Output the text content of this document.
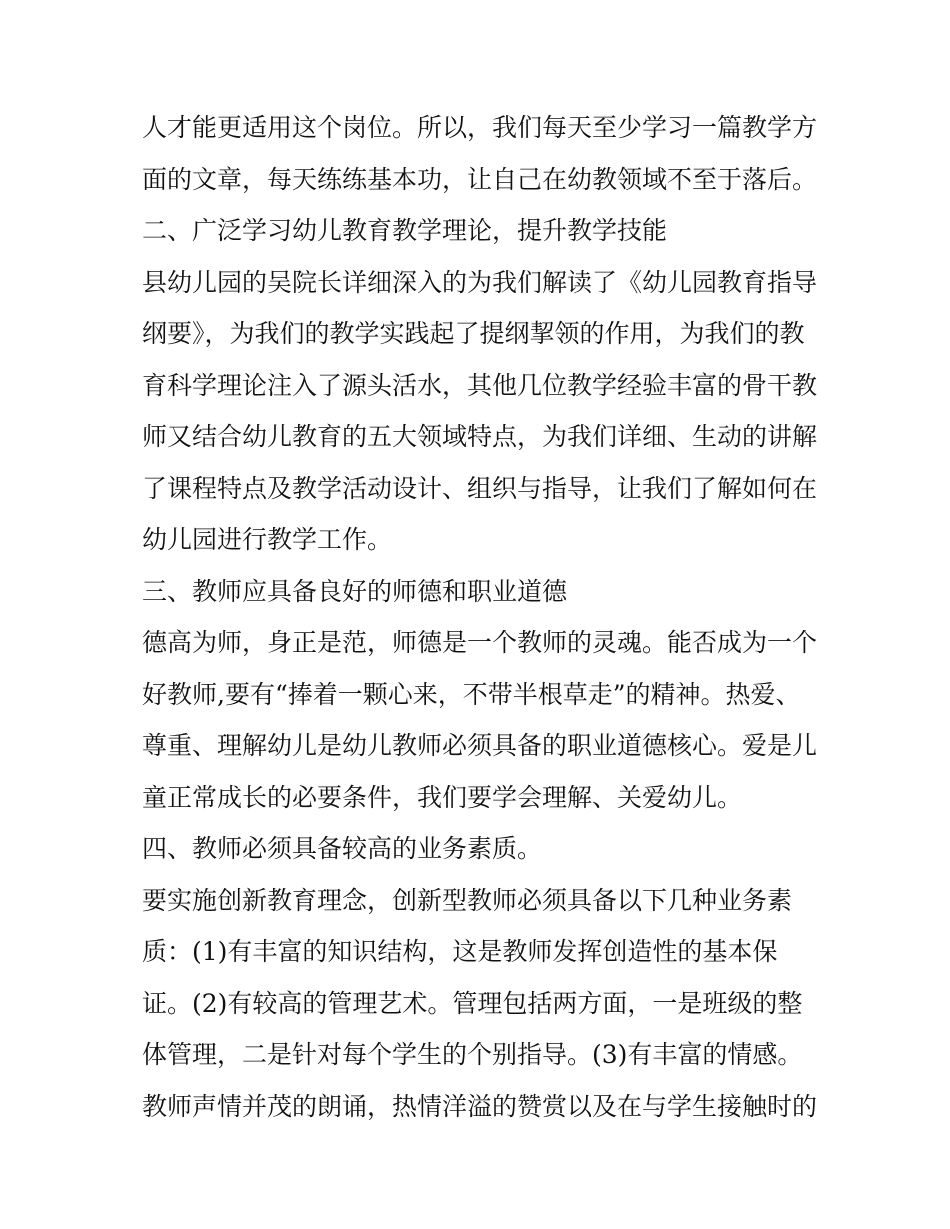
人才能更适用这个岗位。所以，我们每天至少学习一篇教学方
面的文章，每天练练基本功，让自己在幼教领域不至于落后。
二、广泛学习幼儿教育教学理论，提升教学技能
县幼儿园的吴院长详细深入的为我们解读了《幼儿园教育指导
纲要》，为我们的教学实践起了提纲挈领的作用，为我们的教
育科学理论注入了源头活水，其他几位教学经验丰富的骨干教
师又结合幼儿教育的五大领域特点，为我们详细、生动的讲解
了课程特点及教学活动设计、组织与指导，让我们了解如何在
幼儿园进行教学工作。
三、教师应具备良好的师德和职业道德
德高为师，身正是范，师德是一个教师的灵魂。能否成为一个
好教师,要有“捧着一颗心来，不带半根草走”的精神。热爱、
尊重、理解幼儿是幼儿教师必须具备的职业道德核心。爱是儿
童正常成长的必要条件，我们要学会理解、关爱幼儿。
四、教师必须具备较高的业务素质。
要实施创新教育理念，创新型教师必须具备以下几种业务素
质：(1)有丰富的知识结构，这是教师发挥创造性的基本保
证。(2)有较高的管理艺术。管理包括两方面，一是班级的整
体管理，二是针对每个学生的个别指导。(3)有丰富的情感。
教师声情并茂的朗诵，热情洋溢的赞赏以及在与学生接触时的
